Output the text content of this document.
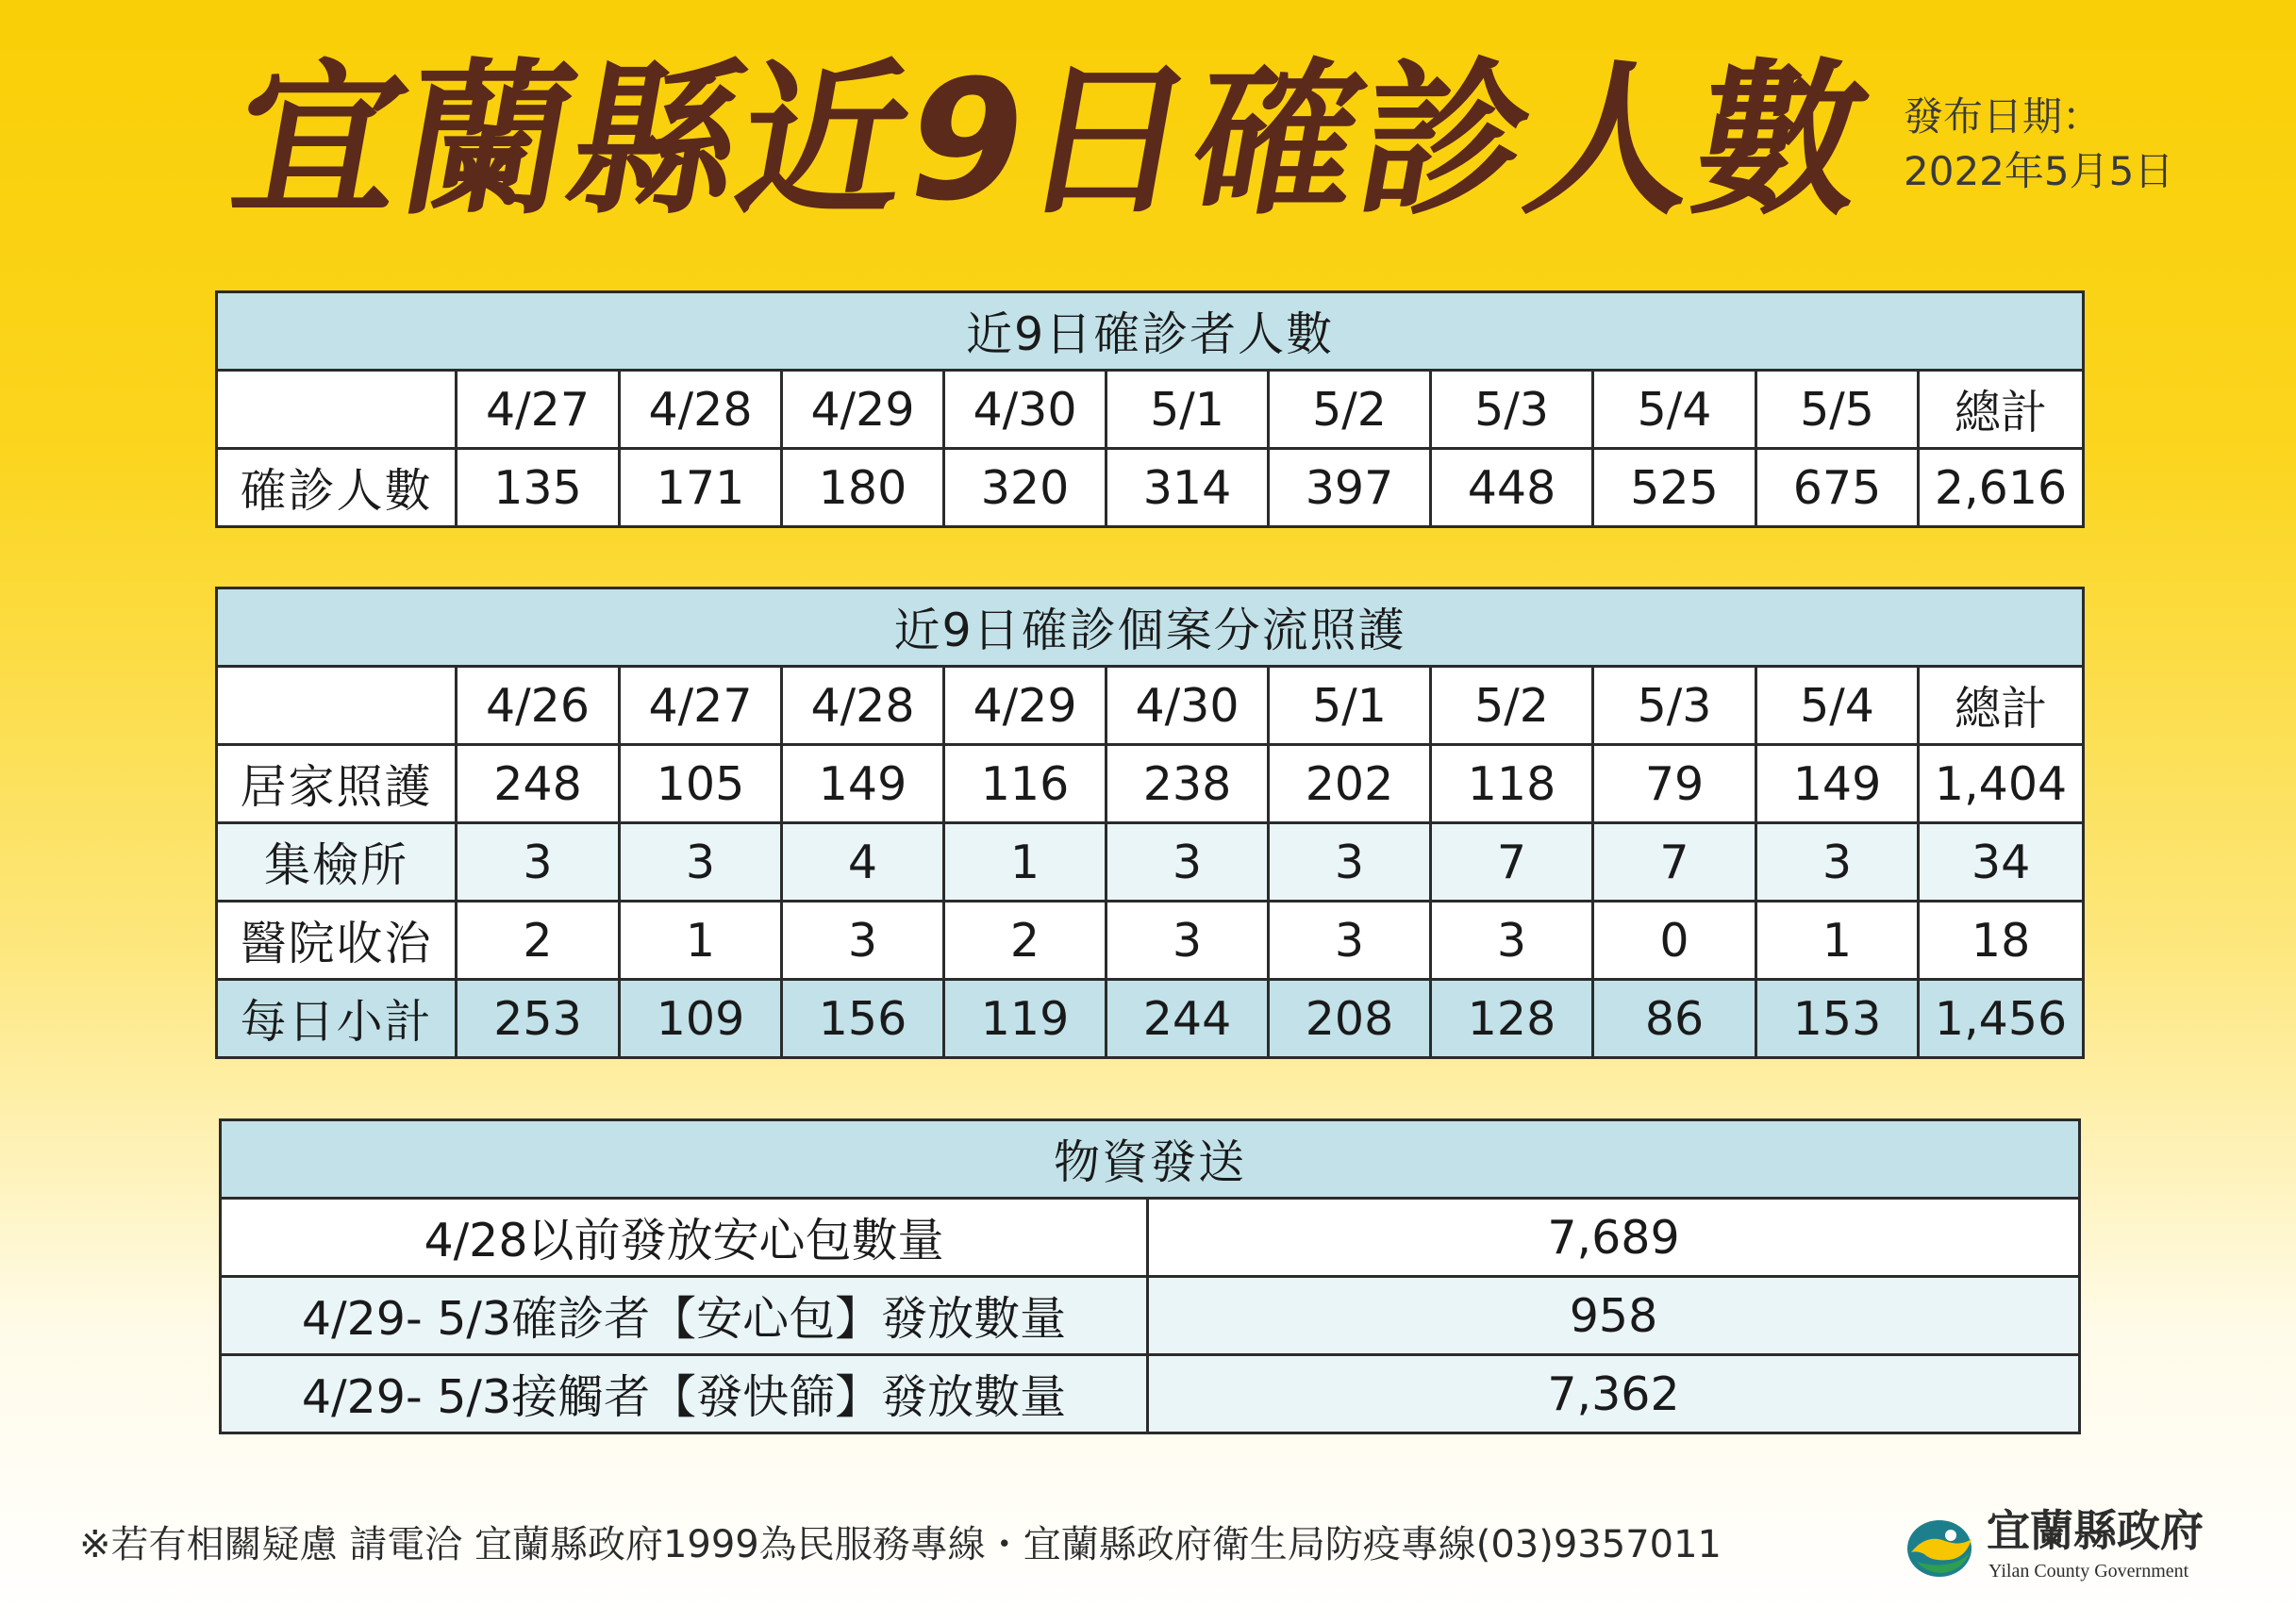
宜蘭縣近9日確診人數 發布日期：
2022年5月5日
近9日確診者人數										
	4/27	4/28	4/29	4/30	5/1	5/2	5/3	5/4	5/5	總計
確診人數	135	171	180	320	314	397	448	525	675	2,616
近9日確診個案分流照護										
	4/26	4/27	4/28	4/29	4/30	5/1	5/2	5/3	5/4	總計
居家照護	248	105	149	116	238	202	118	79	149	1,404
集檢所	3	3	4	1	3	3	7	7	3	34
醫院收治	2	1	3	2	3	3	3	0	1	18
每日小計	253	109	156	119	244	208	128	86	153	1,456
物資發送	
4/28以前發放安心包數量	7,689
4/29- 5/3確診者【安心包】發放數量	958
4/29- 5/3接觸者【發快篩】發放數量	7,362
※若有相關疑慮 請電洽 宜蘭縣政府1999為民服務專線・宜蘭縣政府衛生局防疫專線(03)9357011	宜蘭縣政府
Yilan County Government
